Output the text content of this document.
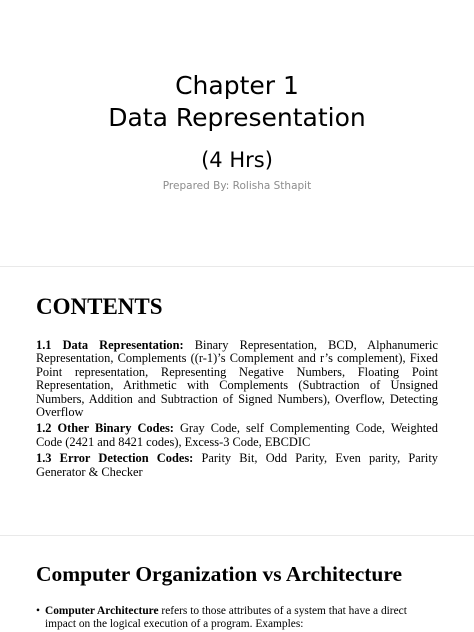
Chapter 1
Data Representation
(4 Hrs)
Prepared By: Rolisha Sthapit
CONTENTS

1.1 Data Representation: Binary Representation, BCD, Alphanumeric Representation, Complements ((r-1)’s Complement and r’s complement), Fixed Point representation, Representing Negative Numbers, Floating Point Representation, Arithmetic with Complements (Subtraction of Unsigned Numbers, Addition and Subtraction of Signed Numbers), Overflow, Detecting Overflow

1.2 Other Binary Codes: Gray Code, self Complementing Code, Weighted Code (2421 and 8421 codes), Excess-3 Code, EBCDIC

1.3 Error Detection Codes: Parity Bit, Odd Parity, Even parity, Parity Generator & Checker

Computer Organization vs Architecture
• Computer Architecture refers to those attributes of a system that have a direct impact on the logical execution of a program. Examples:
